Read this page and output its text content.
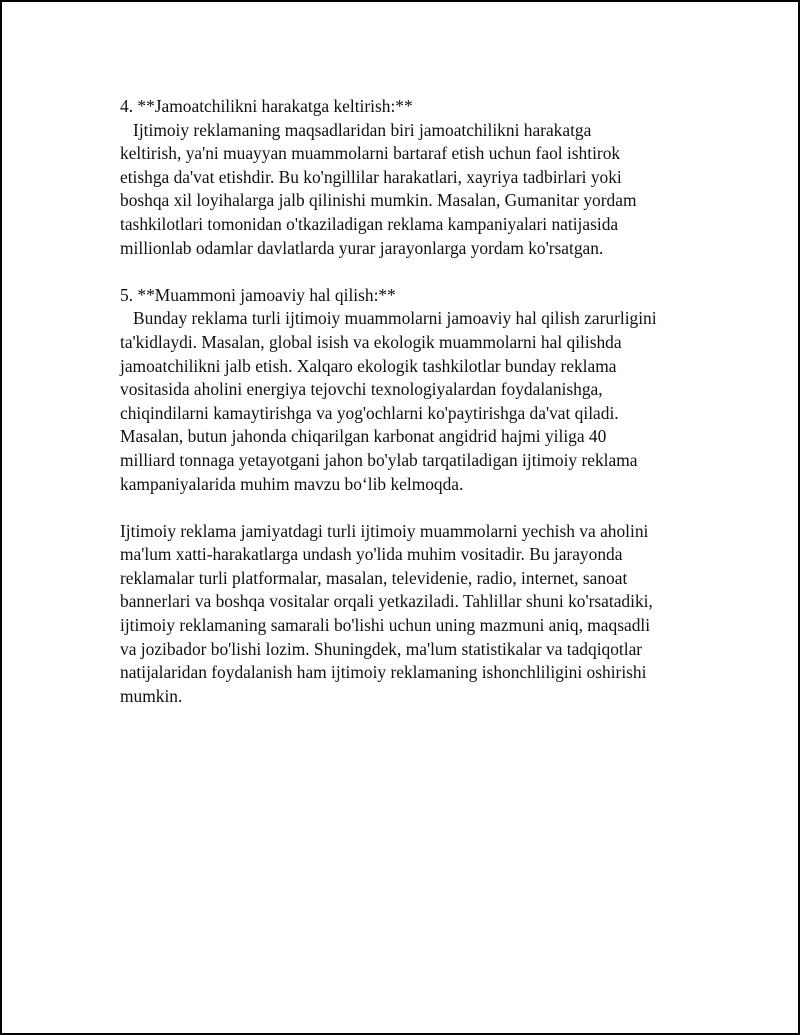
4. **Jamoatchilikni harakatga keltirish:**
Ijtimoiy reklamaning maqsadlaridan biri jamoatchilikni harakatga
keltirish, ya'ni muayyan muammolarni bartaraf etish uchun faol ishtirok
etishga da'vat etishdir. Bu ko'ngillilar harakatlari, xayriya tadbirlari yoki
boshqa xil loyihalarga jalb qilinishi mumkin. Masalan, Gumanitar yordam
tashkilotlari tomonidan o'tkaziladigan reklama kampaniyalari natijasida
millionlab odamlar davlatlarda yurar jarayonlarga yordam ko'rsatgan.
5. **Muammoni jamoaviy hal qilish:**
Bunday reklama turli ijtimoiy muammolarni jamoaviy hal qilish zarurligini
ta'kidlaydi. Masalan, global isish va ekologik muammolarni hal qilishda
jamoatchilikni jalb etish. Xalqaro ekologik tashkilotlar bunday reklama
vositasida aholini energiya tejovchi texnologiyalardan foydalanishga,
chiqindilarni kamaytirishga va yog'ochlarni ko'paytirishga da'vat qiladi.
Masalan, butun jahonda chiqarilgan karbonat angidrid hajmi yiliga 40
milliard tonnaga yetayotgani jahon bo'ylab tarqatiladigan ijtimoiy reklama
kampaniyalarida muhim mavzu bo‘lib kelmoqda.
Ijtimoiy reklama jamiyatdagi turli ijtimoiy muammolarni yechish va aholini
ma'lum xatti-harakatlarga undash yo'lida muhim vositadir. Bu jarayonda
reklamalar turli platformalar, masalan, televidenie, radio, internet, sanoat
bannerlari va boshqa vositalar orqali yetkaziladi. Tahlillar shuni ko'rsatadiki,
ijtimoiy reklamaning samarali bo'lishi uchun uning mazmuni aniq, maqsadli
va jozibador bo'lishi lozim. Shuningdek, ma'lum statistikalar va tadqiqotlar
natijalaridan foydalanish ham ijtimoiy reklamaning ishonchliligini oshirishi
mumkin.
